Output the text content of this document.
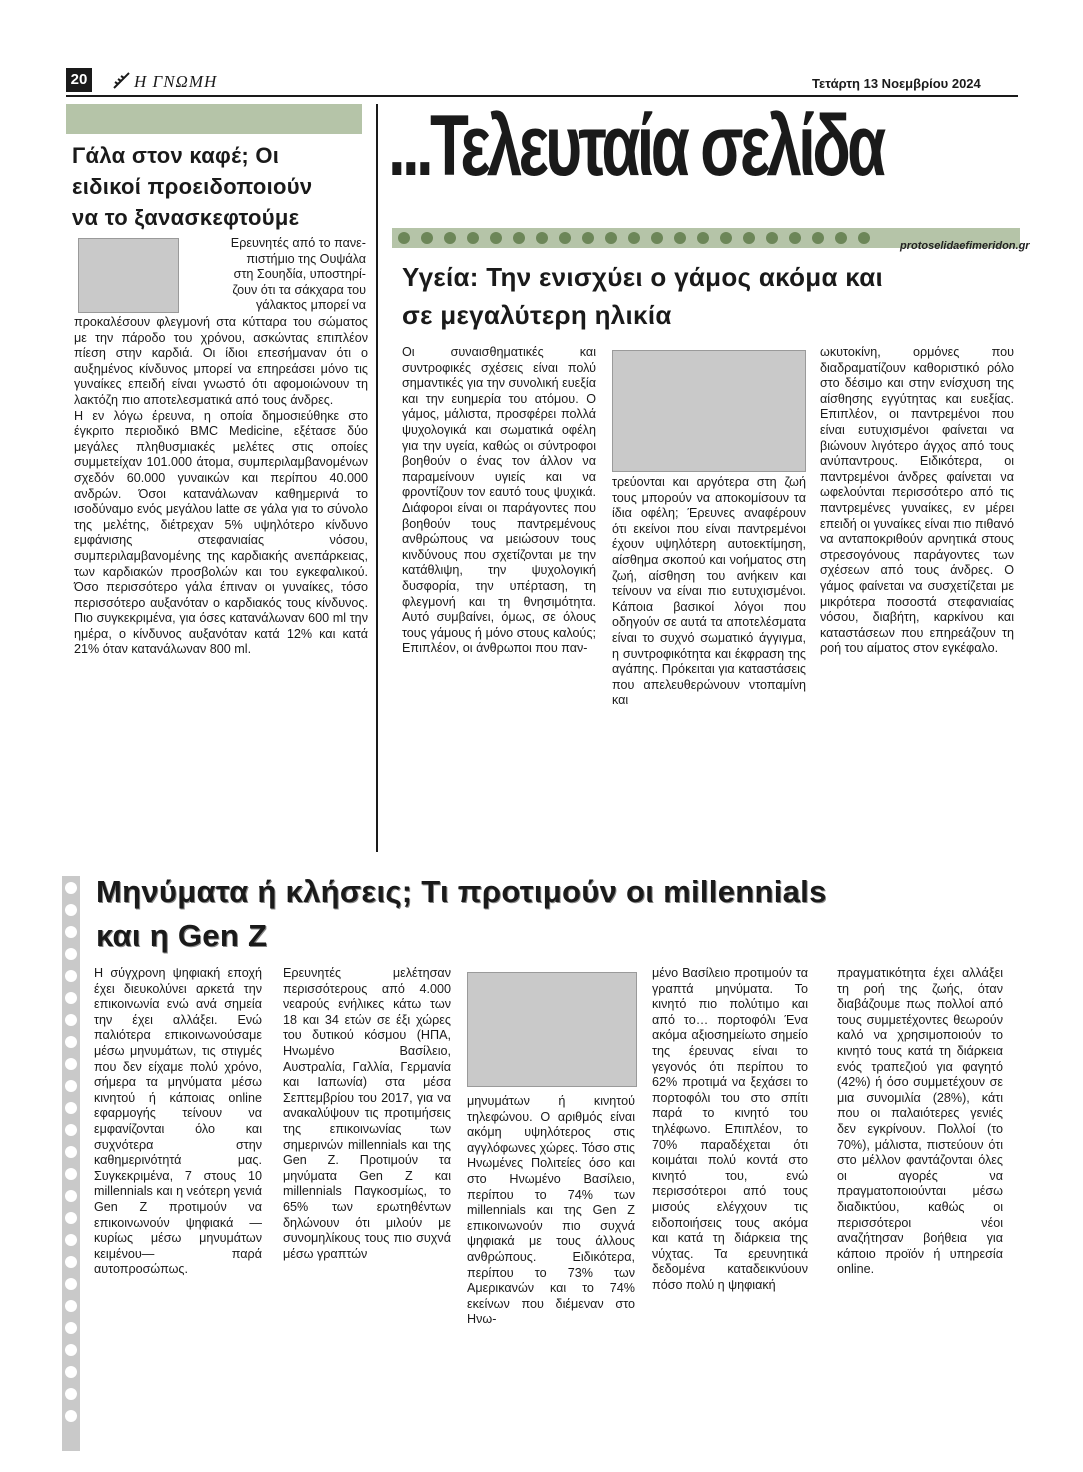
20	Η ΓΝΩΜΗ	Τετάρτη 13 Νοεμβρίου 2024
Γάλα στον καφέ; Οι
ειδικοί προειδοποιούν
να το ξανασκεφτούμε

Ερευνητές από το πανε-

πιστήμιο της Ουψάλα

στη Σουηδία, υποστηρί-

ζουν ότι τα σάκχαρα του

γάλακτος μπορεί να

προκαλέσουν φλεγμονή στα κύτταρα του σώματος με την πάροδο του χρόνου, ασκώντας επιπλέον πίεση στην καρδιά. Οι ίδιοι επεσήμαναν ότι ο αυξημένος κίνδυνος μπορεί να επηρεάσει μόνο τις γυναίκες επειδή είναι γνωστό ότι αφομοιώνουν τη λακτόζη πιο αποτελεσματικά από τους άνδρες.

Η εν λόγω έρευνα, η οποία δημοσιεύθηκε στο έγκριτο περιοδικό BMC Medicine, εξέτασε δύο μεγάλες πληθυσμιακές μελέτες στις οποίες συμμετείχαν 101.000 άτομα, συμπεριλαμβανομένων σχεδόν 60.000 γυναικών και περίπου 40.000 ανδρών. Όσοι κατανάλωναν καθημερινά το ισοδύναμο ενός μεγάλου latte σε γάλα για το σύνολο της μελέτης, διέτρεχαν 5% υψηλότερο κίνδυνο εμφάνισης στεφανιαίας νόσου, συμπεριλαμβανομένης της καρδιακής ανεπάρκειας, των καρδιακών προσβολών και του εγκεφαλικού. Όσο περισσότερο γάλα έπιναν οι γυναίκες, τόσο περισσότερο αυξανόταν ο καρδιακός τους κίνδυνος. Πιο συγκεκριμένα, για όσες κατανάλωναν 600 ml την ημέρα, ο κίνδυνος αυξανόταν κατά 12% και κατά 21% όταν κατανάλωναν 800 ml.

...Τελευταία σελίδα
protoselidaefimeridon.gr
Υγεία: Την ενισχύει ο γάμος ακόμα και
σε μεγαλύτερη ηλικία

Οι συναισθηματικές και συντροφικές σχέσεις είναι πολύ σημαντικές για την συνολική ευεξία και την ευημερία του ατόμου. Ο γάμος, μάλιστα, προσφέρει πολλά ψυχολογικά και σωματικά οφέλη για την υγεία, καθώς οι σύντροφοι βοηθούν ο ένας τον άλλον να παραμείνουν υγιείς και να φροντίζουν τον εαυτό τους ψυχικά. Διάφοροι είναι οι παράγοντες που βοηθούν τους παντρεμένους ανθρώπους να μειώσουν τους κινδύνους που σχετίζονται με την κατάθλιψη, την ψυχολογική δυσφορία, την υπέρταση, τη φλεγμονή και τη θνησιμότητα. Αυτό συμβαίνει, όμως, σε όλους τους γάμους ή μόνο στους καλούς; Επιπλέον, οι άνθρωποι που παν-

τρεύονται και αργότερα στη ζωή τους μπορούν να αποκομίσουν τα ίδια οφέλη; Έρευνες αναφέρουν ότι εκείνοι που είναι παντρεμένοι έχουν υψηλότερη αυτοεκτίμηση, αίσθημα σκοπού και νοήματος στη ζωή, αίσθηση του ανήκειν και τείνουν να είναι πιο ευτυχισμένοι. Κάποια βασικοί λόγοι που οδηγούν σε αυτά τα αποτελέσματα είναι το συχνό σωματικό άγγιγμα, η συντροφικότητα και έκφραση της αγάπης. Πρόκειται για καταστάσεις που απελευθερώνουν ντοπαμίνη και

ωκυτοκίνη, ορμόνες που διαδραματίζουν καθοριστικό ρόλο στο δέσιμο και στην ενίσχυση της αίσθησης εγγύτητας και ευεξίας. Επιπλέον, οι παντρεμένοι που είναι ευτυχισμένοι φαίνεται να βιώνουν λιγότερο άγχος από τους ανύπαντρους. Ειδικότερα, οι παντρεμένοι άνδρες φαίνεται να ωφελούνται περισσότερο από τις παντρεμένες γυναίκες, εν μέρει επειδή οι γυναίκες είναι πιο πιθανό να ανταποκριθούν αρνητικά στους στρεσογόνους παράγοντες των σχέσεων από τους άνδρες. Ο γάμος φαίνεται να συσχετίζεται με μικρότερα ποσοστά στεφανιαίας νόσου, διαβήτη, καρκίνου και καταστάσεων που επηρεάζουν τη ροή του αίματος στον εγκέφαλο.

Μηνύματα ή κλήσεις; Τι προτιμούν οι millennials
και η Gen Z

Η σύγχρονη ψηφιακή εποχή έχει διευκολύνει αρκετά την επικοινωνία ενώ ανά σημεία την έχει αλλάξει. Ενώ παλιότερα επικοινωνούσαμε μέσω μηνυμάτων, τις στιγμές που δεν είχαμε πολύ χρόνο, σήμερα τα μηνύματα μέσω κινητού ή κάποιας online εφαρμογής τείνουν να εμφανίζονται όλο και συχνότερα στην καθημερινότητά μας. Συγκεκριμένα, 7 στους 10 millennials και η νεότερη γενιά Gen Z προτιμούν να επικοινωνούν ψηφιακά — κυρίως μέσω μηνυμάτων κειμένου— παρά αυτοπροσώπως.

Ερευνητές μελέτησαν περισσότερους από 4.000 νεαρούς ενήλικες κάτω των 18 και 34 ετών σε έξι χώρες του δυτικού κόσμου (ΗΠΑ, Ηνωμένο Βασίλειο, Αυστραλία, Γαλλία, Γερμανία και Ιαπωνία) στα μέσα Σεπτεμβρίου του 2017, για να ανακαλύψουν τις προτιμήσεις της επικοινωνίας των σημερινών millennials και της Gen Z. Προτιμούν τα μηνύματα Gen Z και millennials Παγκοσμίως, το 65% των ερωτηθέντων δηλώνουν ότι μιλούν με συνομηλίκους τους πιο συχνά μέσω γραπτών

μηνυμάτων ή κινητού τηλεφώνου. Ο αριθμός είναι ακόμη υψηλότερος στις αγγλόφωνες χώρες. Τόσο στις Ηνωμένες Πολιτείες όσο και στο Ηνωμένο Βασίλειο, περίπου το 74% των millennials και της Gen Z επικοινωνούν πιο συχνά ψηφιακά με τους άλλους ανθρώπους. Ειδικότερα, περίπου το 73% των Αμερικανών και το 74% εκείνων που διέμεναν στο Ηνω-

μένο Βασίλειο προτιμούν τα γραπτά μηνύματα. Το κινητό πιο πολύτιμο και από το… πορτοφόλι Ένα ακόμα αξιοσημείωτο σημείο της έρευνας είναι το γεγονός ότι περίπου το 62% προτιμά να ξεχάσει το πορτοφόλι του στο σπίτι παρά το κινητό του τηλέφωνο. Επιπλέον, το 70% παραδέχεται ότι κοιμάται πολύ κοντά στο κινητό του, ενώ περισσότεροι από τους μισούς ελέγχουν τις ειδοποιήσεις τους ακόμα και κατά τη διάρκεια της νύχτας. Τα ερευνητικά δεδομένα καταδεικνύουν πόσο πολύ η ψηφιακή

πραγματικότητα έχει αλλάξει τη ροή της ζωής, όταν διαβάζουμε πως πολλοί από τους συμμετέχοντες θεωρούν καλό να χρησιμοποιούν το κινητό τους κατά τη διάρκεια ενός τραπεζιού για φαγητό (42%) ή όσο συμμετέχουν σε μια συνομιλία (28%), κάτι που οι παλαιότερες γενιές δεν εγκρίνουν. Πολλοί (το 70%), μάλιστα, πιστεύουν ότι στο μέλλον φαντάζονται όλες οι αγορές να πραγματοποιούνται μέσω διαδικτύου, καθώς οι περισσότεροι νέοι αναζήτησαν βοήθεια για κάποιο προϊόν ή υπηρεσία online.
